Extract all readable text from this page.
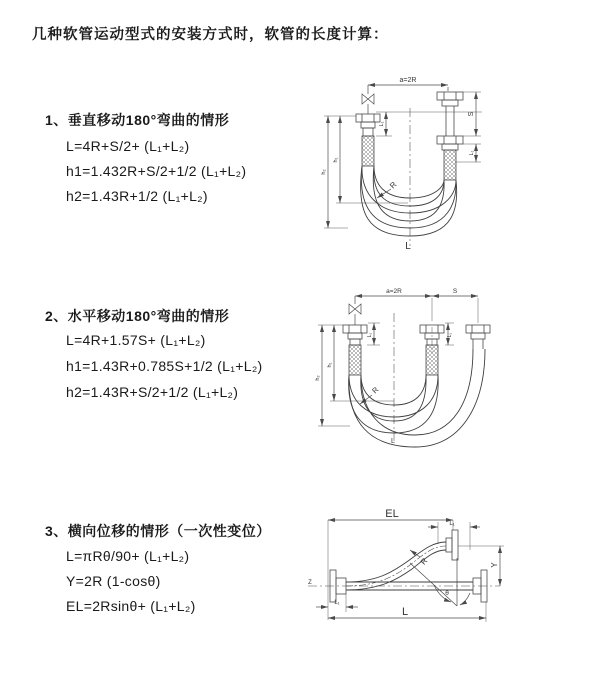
几种软管运动型式的安装方式时，软管的长度计算：
1、垂直移动180°弯曲的情形
L=4R+S/2+ (L₁+L₂)
h1=1.432R+S/2+1/2 (L₁+L₂)
h2=1.43R+1/2 (L₁+L₂)
2、水平移动180°弯曲的情形
L=4R+1.57S+ (L₁+L₂)
h1=1.43R+0.785S+1/2 (L₁+L₂)
h2=1.43R+S/2+1/2 (L₁+L₂)
3、横向位移的情形（一次性变位）
L=πRθ/90+ (L₁+L₂)
Y=2R (1-cosθ)
EL=2Rsinθ+ (L₁+L₂)
a=2R
L₁
S
L₁
h₁
h₂
R
L
a=2R	S
L₁	L₁
h₁
h₂
R
L
EL
L₁
Y
R
θ
L
L₁
Z
